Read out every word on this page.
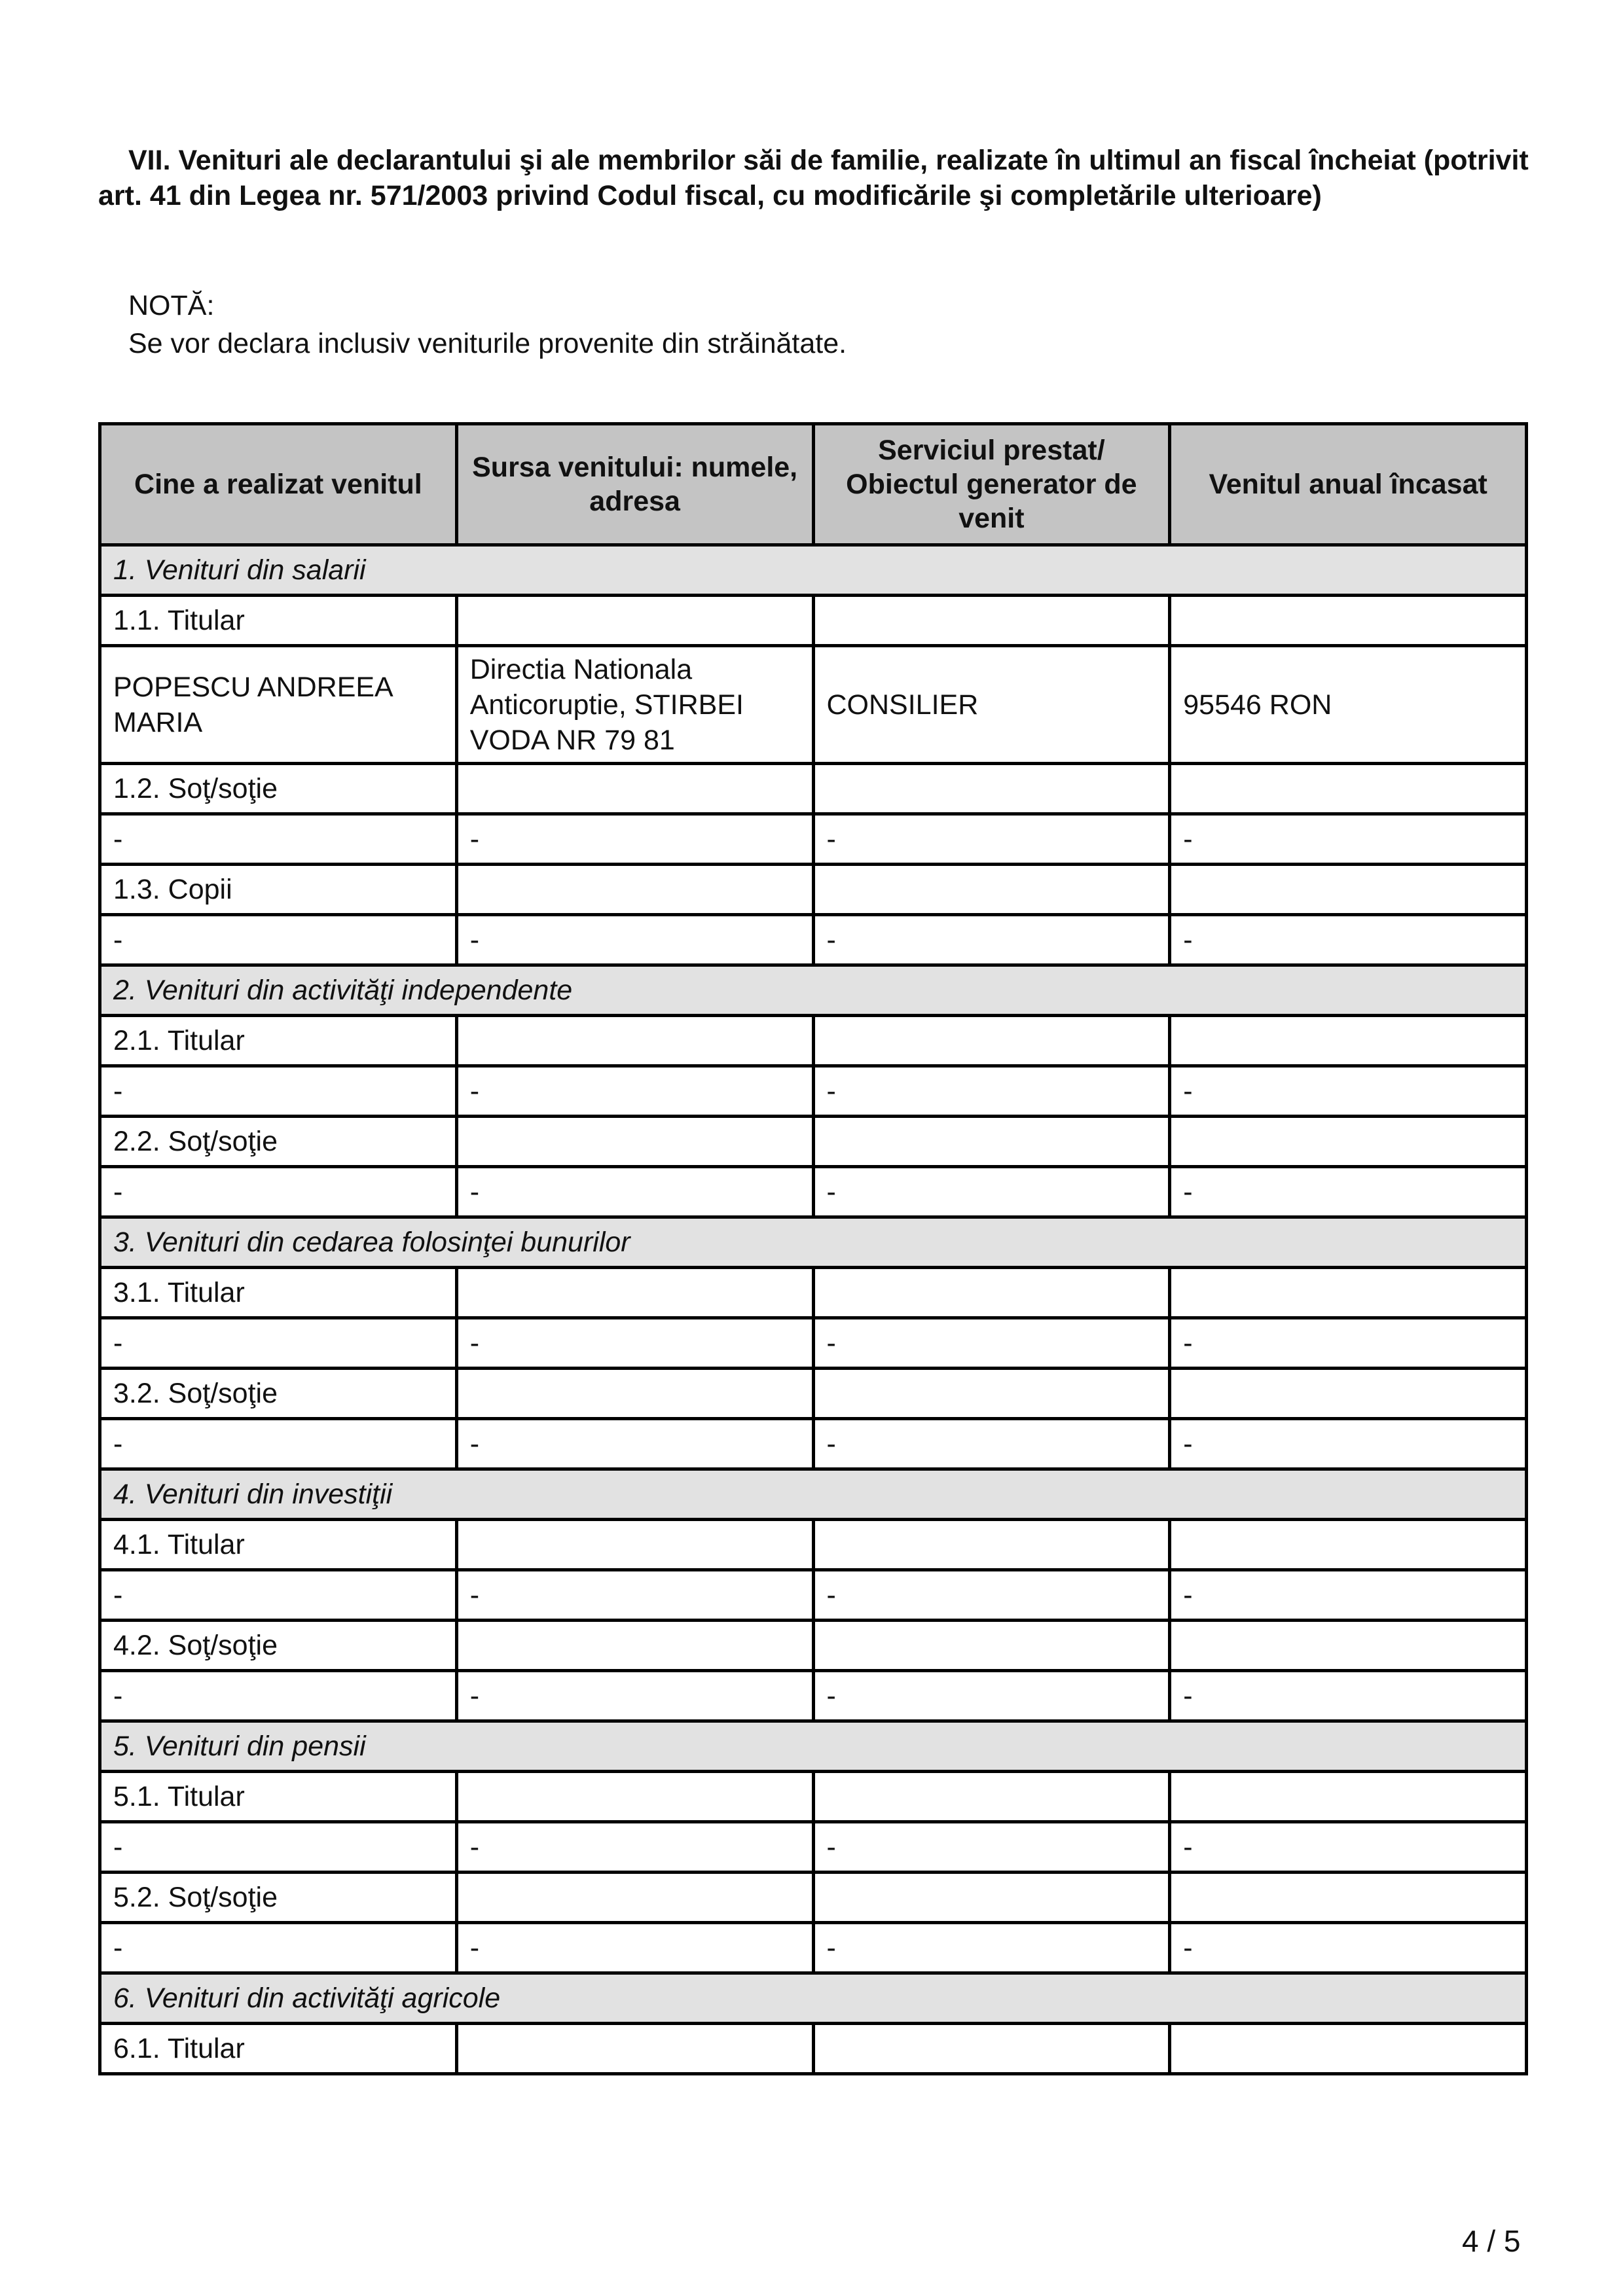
VII. Venituri ale declarantului şi ale membrilor săi de familie, realizate în ultimul an fiscal încheiat (potrivit art. 41 din Legea nr. 571/2003 privind Codul fiscal, cu modificările şi completările ulterioare)
NOTĂ:
Se vor declara inclusiv veniturile provenite din străinătate.
Cine a realizat venitul	Sursa venitului: numele, adresa	Serviciul prestat/ Obiectul generator de venit	Venitul anual încasat
1. Venituri din salarii			
1.1. Titular			
POPESCU ANDREEA MARIA	Directia Nationala Anticoruptie, STIRBEI VODA NR 79 81	CONSILIER	95546 RON
1.2. Soţ/soţie			
-	-	-	-
1.3. Copii			
-	-	-	-
2. Venituri din activităţi independente			
2.1. Titular			
-	-	-	-
2.2. Soţ/soţie			
-	-	-	-
3. Venituri din cedarea folosinţei bunurilor			
3.1. Titular			
-	-	-	-
3.2. Soţ/soţie			
-	-	-	-
4. Venituri din investiţii			
4.1. Titular			
-	-	-	-
4.2. Soţ/soţie			
-	-	-	-
5. Venituri din pensii			
5.1. Titular			
-	-	-	-
5.2. Soţ/soţie			
-	-	-	-
6. Venituri din activităţi agricole			
6.1. Titular			
4 / 5
